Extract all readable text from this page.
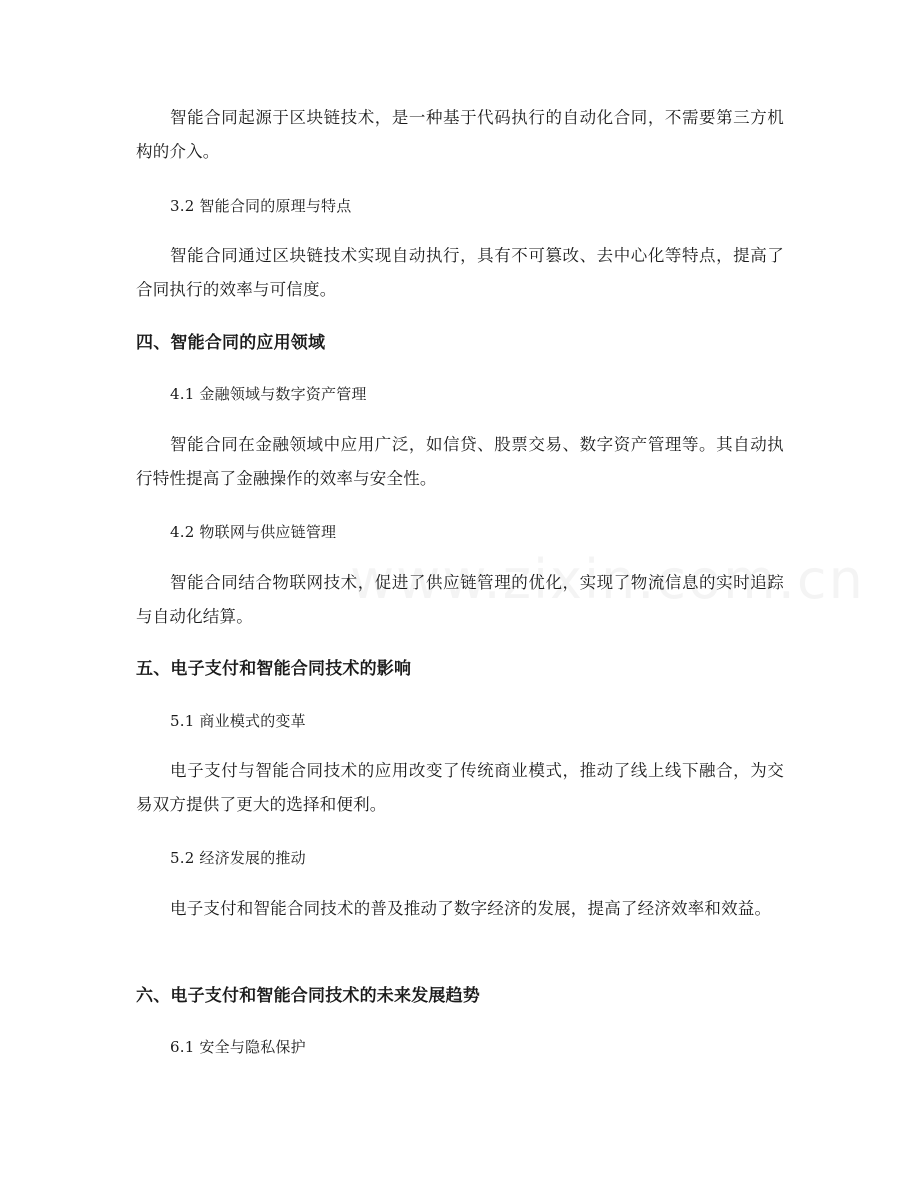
智能合同起源于区块链技术，是一种基于代码执行的自动化合同，不需要第三方机构的介入。
3.2 智能合同的原理与特点
智能合同通过区块链技术实现自动执行，具有不可篡改、去中心化等特点，提高了合同执行的效率与可信度。
四、智能合同的应用领域
4.1 金融领域与数字资产管理
智能合同在金融领域中应用广泛，如信贷、股票交易、数字资产管理等。其自动执行特性提高了金融操作的效率与安全性。
4.2 物联网与供应链管理
智能合同结合物联网技术，促进了供应链管理的优化，实现了物流信息的实时追踪与自动化结算。
五、电子支付和智能合同技术的影响
5.1 商业模式的变革
电子支付与智能合同技术的应用改变了传统商业模式，推动了线上线下融合，为交易双方提供了更大的选择和便利。
5.2 经济发展的推动
电子支付和智能合同技术的普及推动了数字经济的发展，提高了经济效率和效益。
六、电子支付和智能合同技术的未来发展趋势
6.1 安全与隐私保护
